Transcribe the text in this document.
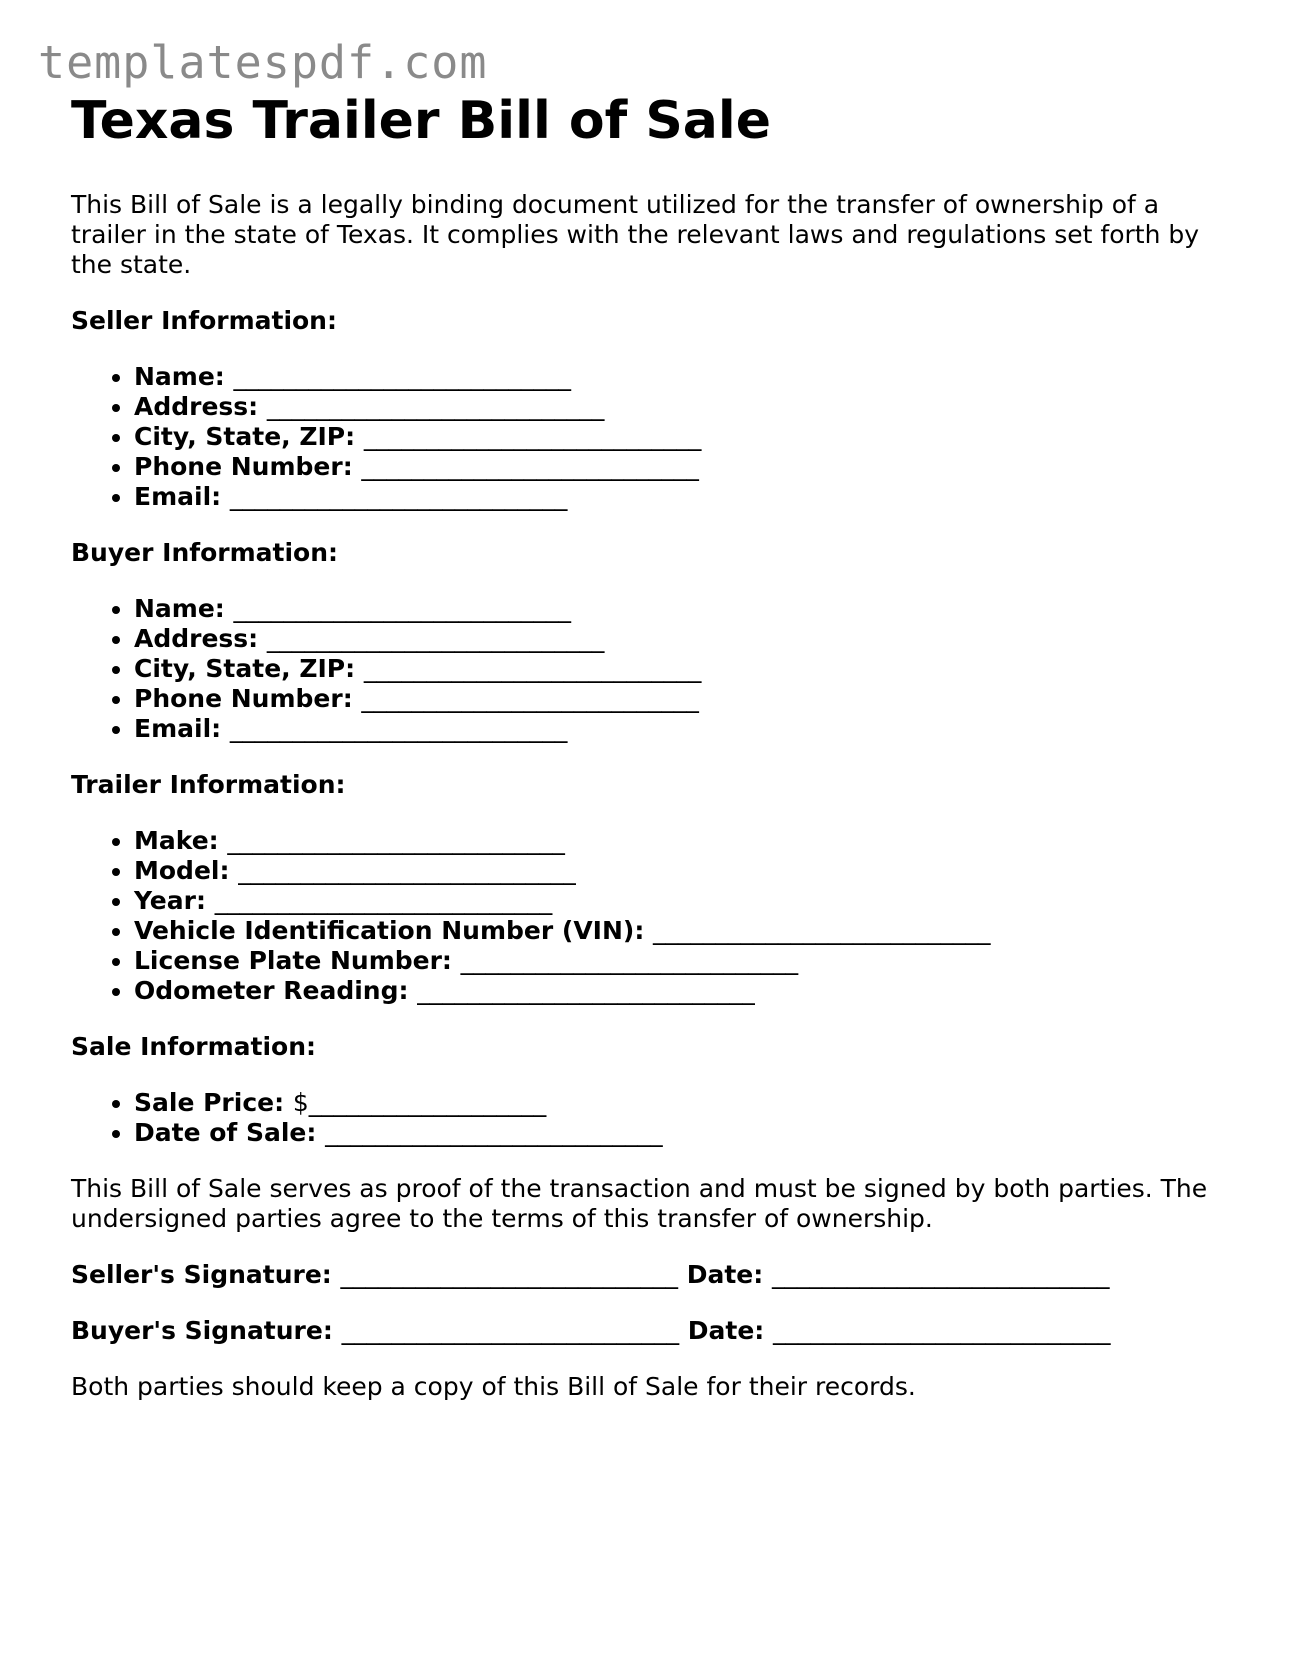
templatespdf.com
Texas Trailer Bill of Sale

This Bill of Sale is a legally binding document utilized for the transfer of ownership of a trailer in the state of Texas. It complies with the relevant laws and regulations set forth by the state.

Seller Information:
• Name: ___________________________
• Address: ___________________________
• City, State, ZIP: ___________________________
• Phone Number: ___________________________
• Email: ___________________________
Buyer Information:
• Name: ___________________________
• Address: ___________________________
• City, State, ZIP: ___________________________
• Phone Number: ___________________________
• Email: ___________________________
Trailer Information:
• Make: ___________________________
• Model: ___________________________
• Year: ___________________________
• Vehicle Identification Number (VIN): ___________________________
• License Plate Number: ___________________________
• Odometer Reading: ___________________________
Sale Information:
• Sale Price: $___________________
• Date of Sale: ___________________________

This Bill of Sale serves as proof of the transaction and must be signed by both parties. The undersigned parties agree to the terms of this transfer of ownership.

Seller's Signature: ___________________________ Date: ___________________________
Buyer's Signature: ___________________________ Date: ___________________________

Both parties should keep a copy of this Bill of Sale for their records.
